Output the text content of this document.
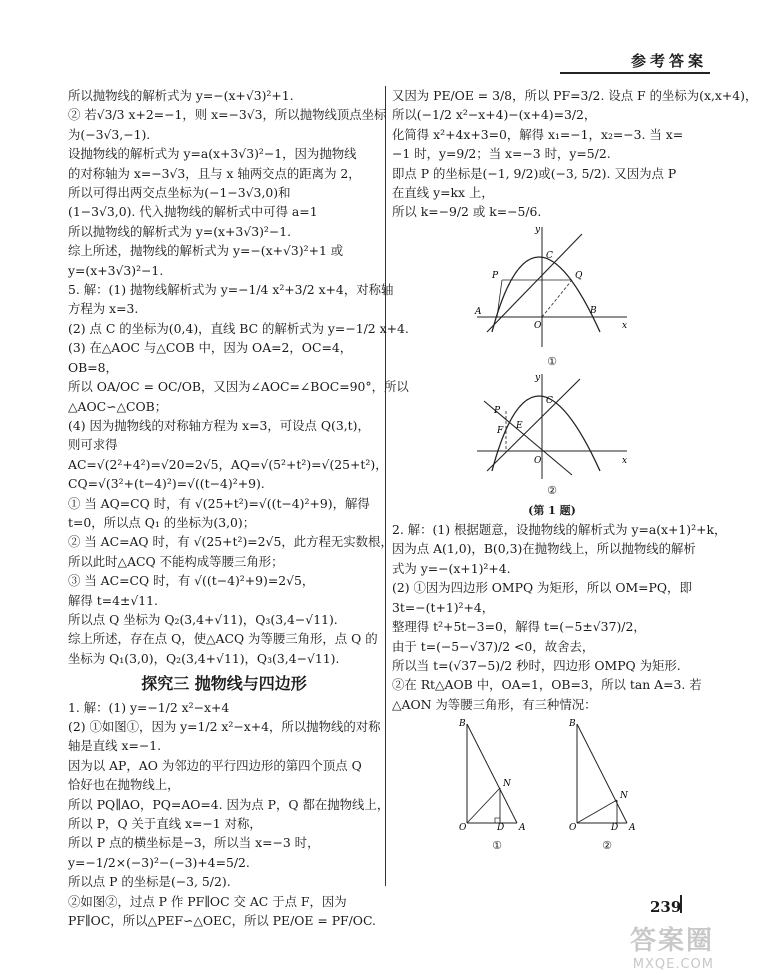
参考答案

所以抛物线的解析式为 y=−(x+√3)²+1.

② 若√3/3 x+2=−1，则 x=−3√3，所以抛物线顶点坐标

为(−3√3,−1).

设抛物线的解析式为 y=a(x+3√3)²−1，因为抛物线

的对称轴为 x=−3√3，且与 x 轴两交点的距离为 2，

所以可得出两交点坐标为(−1−3√3,0)和

(1−3√3,0). 代入抛物线的解析式中可得 a=1

所以抛物线的解析式为 y=(x+3√3)²−1.

综上所述，抛物线的解析式为 y=−(x+√3)²+1 或

y=(x+3√3)²−1.

5. 解：(1) 抛物线解析式为 y=−1/4 x²+3/2 x+4，对称轴

方程为 x=3.

(2) 点 C 的坐标为(0,4)，直线 BC 的解析式为 y=−1/2 x+4.

(3) 在△AOC 与△COB 中，因为 OA=2，OC=4，

OB=8，

所以 OA/OC = OC/OB，又因为∠AOC=∠BOC=90°，所以

△AOC∽△COB；

(4) 因为抛物线的对称轴方程为 x=3，可设点 Q(3,t)，

则可求得

AC=√(2²+4²)=√20=2√5，AQ=√(5²+t²)=√(25+t²)，

CQ=√(3²+(t−4)²)=√((t−4)²+9).

① 当 AQ=CQ 时，有 √(25+t²)=√((t−4)²+9)，解得

t=0，所以点 Q₁ 的坐标为(3,0)；

② 当 AC=AQ 时，有 √(25+t²)=2√5，此方程无实数根，

所以此时△ACQ 不能构成等腰三角形；

③ 当 AC=CQ 时，有 √((t−4)²+9)=2√5，

解得 t=4±√11.

所以点 Q 坐标为 Q₂(3,4+√11)，Q₃(3,4−√11).

综上所述，存在点 Q，使△ACQ 为等腰三角形，点 Q 的

坐标为 Q₁(3,0)，Q₂(3,4+√11)，Q₃(3,4−√11).

探究三 抛物线与四边形

1. 解：(1) y=−1/2 x²−x+4

(2) ①如图①，因为 y=1/2 x²−x+4，所以抛物线的对称

轴是直线 x=−1.

因为以 AP，AO 为邻边的平行四边形的第四个顶点 Q

恰好也在抛物线上，

所以 PQ∥AO，PQ=AO=4. 因为点 P，Q 都在抛物线上，

所以 P，Q 关于直线 x=−1 对称，

所以 P 点的横坐标是−3，所以当 x=−3 时，

y=−1/2×(−3)²−(−3)+4=5/2.

所以点 P 的坐标是(−3, 5/2).

②如图②，过点 P 作 PF∥OC 交 AC 于点 F，因为

PF∥OC，所以△PEF∽△OEC，所以 PE/OE = PF/OC.

又因为 PE/OE = 3/8，所以 PF=3/2. 设点 F 的坐标为(x,x+4)，

所以(−1/2 x²−x+4)−(x+4)=3/2，

化简得 x²+4x+3=0，解得 x₁=−1，x₂=−3. 当 x=

−1 时，y=9/2；当 x=−3 时，y=5/2.

即点 P 的坐标是(−1, 9/2)或(−3, 5/2). 又因为点 P

在直线 y=kx 上，

所以 k=−9/2 或 k=−5/6.

A
P	Q
C
O
B
x
y

①

P
F E
C
O	x
y

②

(第 1 题)

2. 解：(1) 根据题意，设抛物线的解析式为 y=a(x+1)²+k，

因为点 A(1,0)，B(0,3)在抛物线上，所以抛物线的解析

式为 y=−(x+1)²+4.

(2) ①因为四边形 OMPQ 为矩形，所以 OM=PQ，即

3t=−(t+1)²+4，

整理得 t²+5t−3=0，解得 t=(−5±√37)/2，

由于 t=(−5−√37)/2 <0，故舍去，

所以当 t=(√37−5)/2 秒时，四边形 OMPQ 为矩形.

②在 Rt△AOB 中，OA=1，OB=3，所以 tan A=3. 若

△AON 为等腰三角形，有三种情况：

B
N
O	D A

①

B
N
O	D A

②

239
答案圈
MXQE.COM
